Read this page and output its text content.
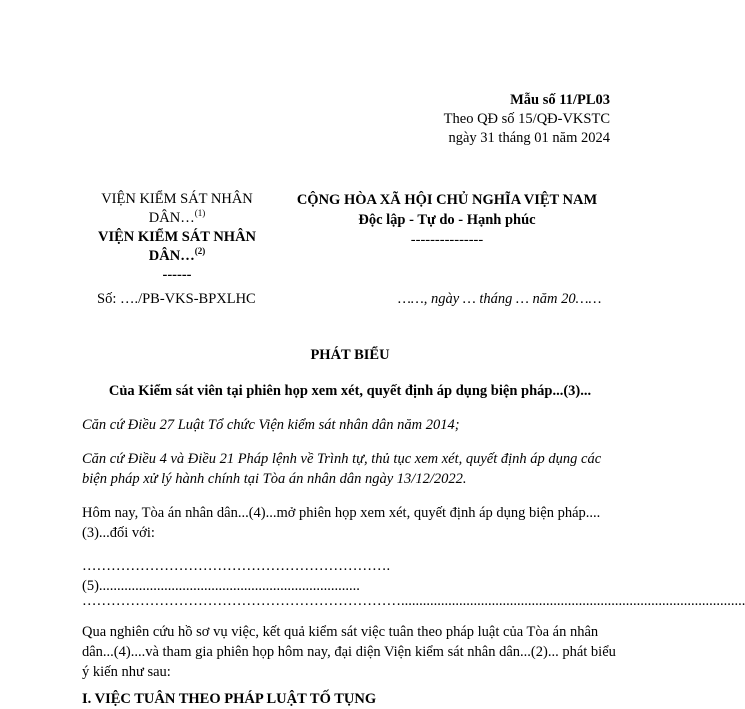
Mẫu số 11/PL03
Theo QĐ số 15/QĐ-VKSTC
ngày 31 tháng 01 năm 2024
VIỆN KIỂM SÁT NHÂN DÂN…$^{(1)}$
VIỆN KIỂM SÁT NHÂN DÂN…$^{(2)}$
------
CỘNG HÒA XÃ HỘI CHỦ NGHĨA VIỆT NAM
Độc lập - Tự do - Hạnh phúc
---------------
Số: …./PB-VKS-BPXLHC	……, ngày … tháng … năm 20……
PHÁT BIỂU
Của Kiểm sát viên tại phiên họp xem xét, quyết định áp dụng biện pháp...(3)...
Căn cứ Điều 27 Luật Tổ chức Viện kiểm sát nhân dân năm 2014;
Căn cứ Điều 4 và Điều 21 Pháp lệnh về Trình tự, thủ tục xem xét, quyết định áp dụng các biện pháp xử lý hành chính tại Tòa án nhân dân ngày 13/12/2022.
Hôm nay, Tòa án nhân dân...(4)...mở phiên họp xem xét, quyết định áp dụng biện pháp....(3)...đối với:
……………………………………………………….(5)........................................................................
…………………………………………………………...............................................................................................
Qua nghiên cứu hồ sơ vụ việc, kết quả kiểm sát việc tuân theo pháp luật của Tòa án nhân dân...(4)....và tham gia phiên họp hôm nay, đại diện Viện kiểm sát nhân dân...(2)... phát biểu ý kiến như sau:
I. VIỆC TUÂN THEO PHÁP LUẬT TỐ TỤNG
